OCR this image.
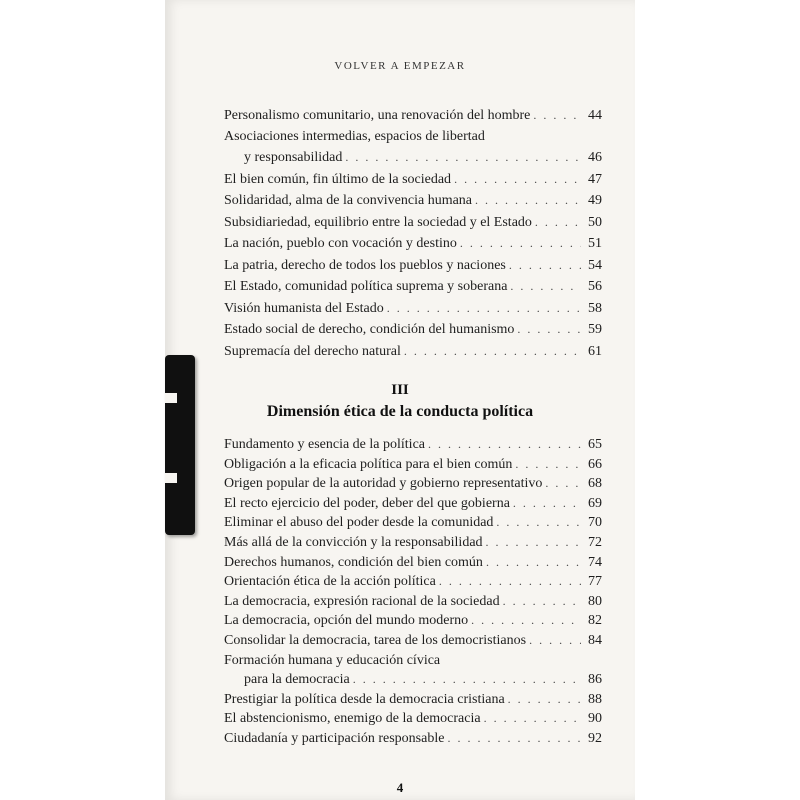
VOLVER A EMPEZAR
Personalismo comunitario, una renovación del hombre . . .	44
Asociaciones intermedias, espacios de libertad
y responsabilidad . . .	46
El bien común, fin último de la sociedad . . .	47
Solidaridad, alma de la convivencia humana . . .	49
Subsidiariedad, equilibrio entre la sociedad y el Estado . . .	50
La nación, pueblo con vocación y destino . . .	51
La patria, derecho de todos los pueblos y naciones . . .	54
El Estado, comunidad política suprema y soberana . . .	56
Visión humanista del Estado . . .	58
Estado social de derecho, condición del humanismo . . .	59
Supremacía del derecho natural . . .	61
III
Dimensión ética de la conducta política
Fundamento y esencia de la política . . .	65
Obligación a la eficacia política para el bien común . . .	66
Origen popular de la autoridad y gobierno representativo . . .	68
El recto ejercicio del poder, deber del que gobierna . . .	69
Eliminar el abuso del poder desde la comunidad . . .	70
Más allá de la convicción y la responsabilidad . . .	72
Derechos humanos, condición del bien común . . .	74
Orientación ética de la acción política . . .	77
La democracia, expresión racional de la sociedad . . .	80
La democracia, opción del mundo moderno . . .	82
Consolidar la democracia, tarea de los democristianos . . .	84
Formación humana y educación cívica
para la democracia . . .	86
Prestigiar la política desde la democracia cristiana . . .	88
El abstencionismo, enemigo de la democracia . . .	90
Ciudadanía y participación responsable . . .	92
4
